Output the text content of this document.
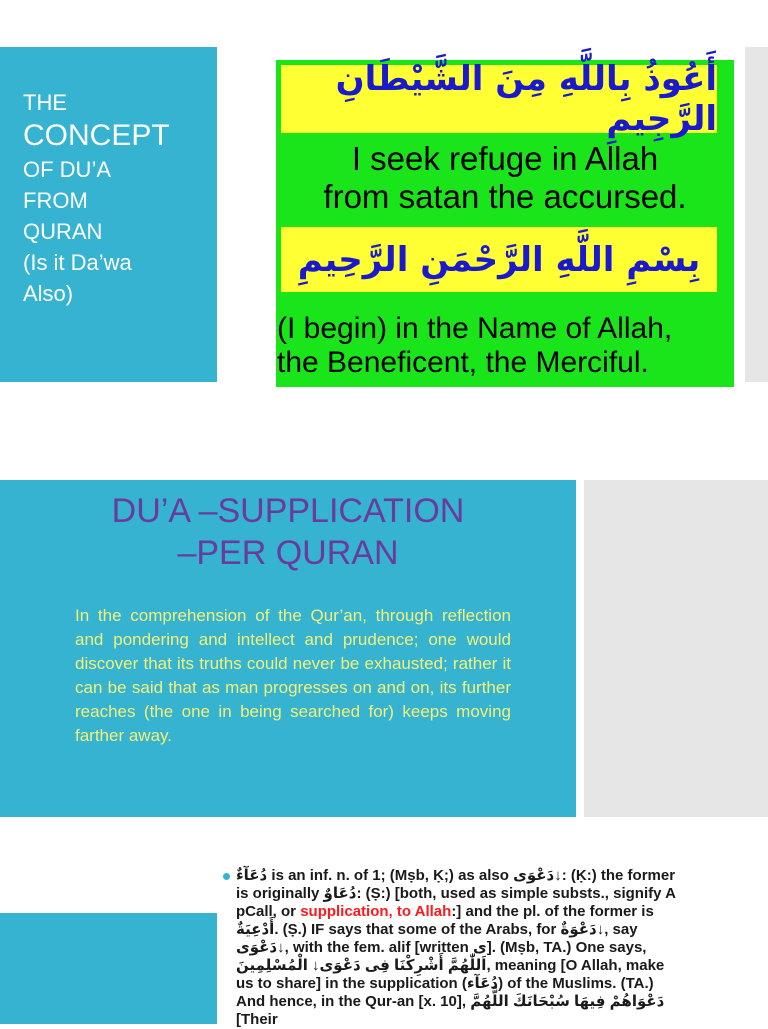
THE
CONCEPT
OF DU’A
FROM
QURAN
(Is it Da’wa
Also)
أَعُوذُ بِاللَّهِ مِنَ الشَّيْطَانِ الرَّجِيمِ
I seek refuge in Allah
from satan the accursed.
بِسْمِ اللَّهِ الرَّحْمَنِ الرَّحِيمِ
(I begin) in the Name of Allah,
the Beneficent, the Merciful.
DU’A –SUPPLICATION
–PER QURAN
In the comprehension of the Qur’an, through reflection and pondering and intellect and prudence; one would discover that its truths could never be exhausted; rather it can be said that as man progresses on and on, its further reaches (the one in being searched for) keeps moving farther away.
دُعَآءٌ is an inf. n. of 1; (Mṣb, Ḳ;) as also دَعْوَى↓: (Ḳ:) the former is originally دُعَاوٌ: (Ṣ:) [both, used as simple substs., signify A pCall, or supplication, to Allah:] and the pl. of the former is أَدْعِيَةٌ. (Ṣ.) IF says that some of the Arabs, for دَعْوَةٌ↓, say دَعْوَى↓, with the fem. alif [written ى]. (Mṣb, TA.) One says, اَللّٰهُمَّ أَشْرِكْنَا فِى دَعْوَى↓ الْمُسْلِمِينَ, meaning [O Allah, make us to share] in the supplication (دُعَآء) of the Muslims. (TA.) And hence, in the Qur-an [x. 10], دَعْوَاهُمْ فِيهَا سُبْحَانَكَ اللَّهُمَّ [Their
